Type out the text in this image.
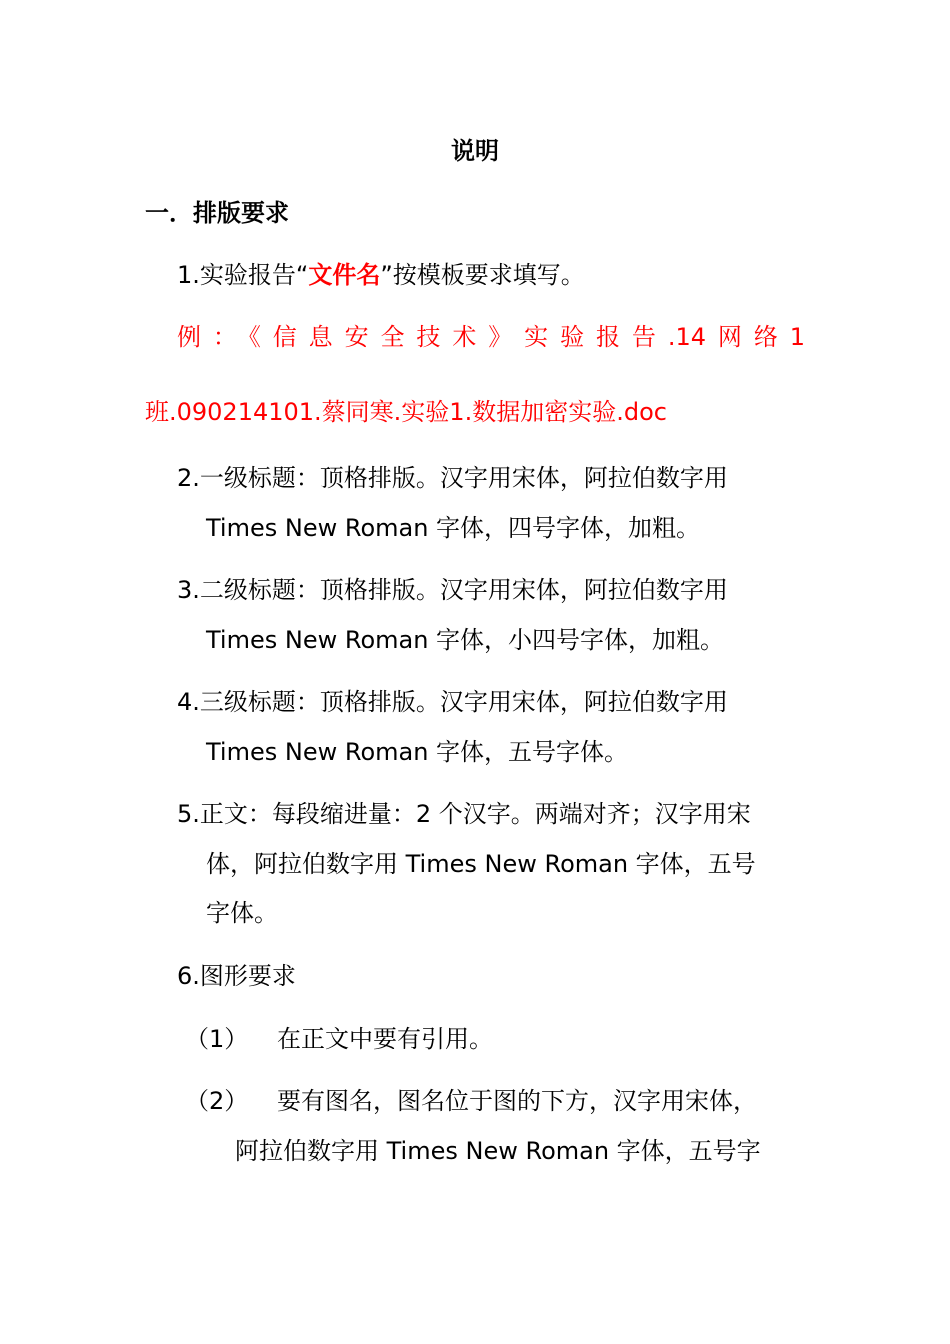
说明
一．排版要求
1.实验报告“文件名”按模板要求填写。
例：《信息安全技术》实验报告.14网络1
班.090214101.蔡同寒.实验1.数据加密实验.doc
2.一级标题：顶格排版。汉字用宋体，阿拉伯数字用
Times New Roman 字体，四号字体，加粗。
3.二级标题：顶格排版。汉字用宋体，阿拉伯数字用
Times New Roman 字体，小四号字体，加粗。
4.三级标题：顶格排版。汉字用宋体，阿拉伯数字用
Times New Roman 字体，五号字体。
5.正文：每段缩进量：2 个汉字。两端对齐；汉字用宋
体，阿拉伯数字用 Times New Roman 字体，五号
字体。
6.图形要求
（1） 在正文中要有引用。
（2） 要有图名，图名位于图的下方，汉字用宋体，
阿拉伯数字用 Times New Roman 字体，五号字
